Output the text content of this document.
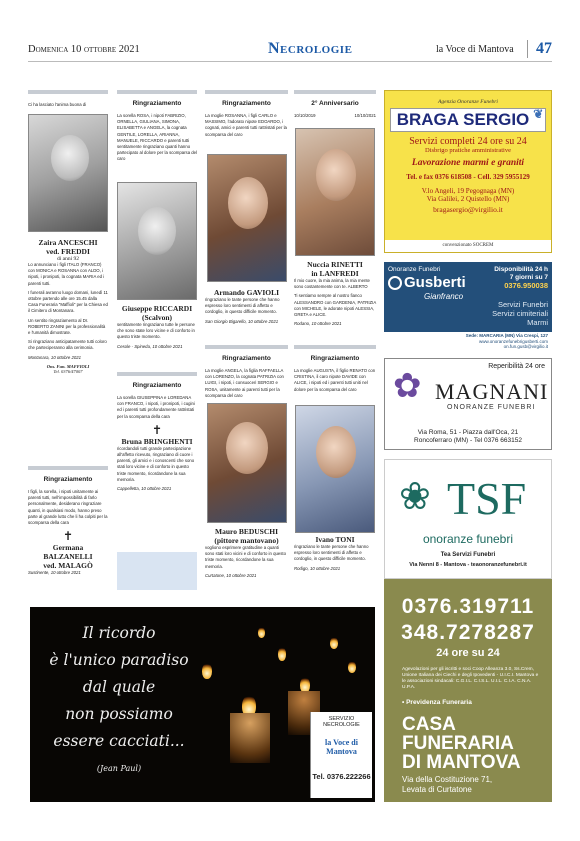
Domenica 10 ottobre 2021	Necrologie	la Voce di Mantova	47

Ci ha lasciato l'anima buona di

Zaira ANCESCHI
ved. FREDDI
di anni 92

Lo annunciano i figli ITALO (FRANCO) con MONICA e ROSANNA con ALDO, i nipoti, i pronipoti, la cognata MARIA ed i parenti tutti.

I funerali avranno luogo domani, lunedì 11 ottobre partendo alle ore 15.45 dalla Casa Funeraria "Maffioli" per la Chiesa ed il Cimitero di Montanara.

Un sentito ringraziamento al Dr. ROBERTO ZANINI per la professionalità e l'umanità dimostrate.

Si ringraziano anticipatamente tutti coloro che parteciperanno alla cerimonia.

Montanara, 10 ottobre 2021

Ons. Fun. MAFFIOLI
Tel. 0376/47007
Ringraziamento

I figli, la sorella, i nipoti unitamente ai parenti tutti, nell'impossibilità di farlo personalmente, desiderano ringraziare quanti, in qualsiasi modo, hanno preso parte al grande lutto che li ha colpiti per la scomparsa della cara

✝
Germana BALZANELLI
ved. MALAGÒ

Sustinente, 10 ottobre 2021

Ringraziamento

La sorella ROSA, i nipoti FABRIZIO, ORNELLA, GIULIANA, SIMONA, ELISABETTA e ANGELA, la cognata GENTILE, LORELLA, ARIANNA, MANUELE, RICCARDO e parenti tutti sentitamente ringraziano quanti hanno partecipato al dolore per la scomparsa del caro

Giuseppe RICCARDI
(Scalvon)

sentitamente ringraziano tutte le persone che sono state loro vicine e di conforto in questo triste momento.

Cesole - Spineda, 10 ottobre 2021

Ringraziamento

La sorella GIUSEPPINA e LOREDANA con FRANCO, i nipoti, i pronipoti, i cugini ed i parenti tutti profondamente rattristati per la scomparsa della cara

✝
Bruna BRINGHENTI

ricordandoli tutti grande partecipazione all'affetto ricevuto, ringraziano di cuore i parenti, gli amici e i conoscenti che sono stati loro vicine e di conforto in questo triste momento, ricordandone la sua memoria.

Cappelletta, 10 ottobre 2021

Ringraziamento

La moglie ROSANNA, i figli CARLO e MASSIMO, l'adorato nipote EDOARDO, i cognati, amici e parenti tutti rattristati per la scomparsa del caro

Armando GAVIOLI

ringraziano le tante persone che hanno espresso loro sentimenti di affetto e cordoglio, in questo difficile momento.

San Giorgio Bigarello, 10 ottobre 2021

Ringraziamento

La moglie ANGELA, la figlia RAFFAELLA con LORENZO, la cognata PATRIZIA con LUIGI, i nipoti, i consuoceri SERGIO e ROSA, unitamente ai parenti tutti per la scomparsa del caro

Mauro BEDUSCHI
(pittore mantovano)

vogliono esprimere gratitudine a quanti sono stati loro vicini e di conforto in questo triste momento, ricordandone la sua memoria.

Curtatone, 10 ottobre 2021

2° Anniversario
10/10/2019	10/10/2021
Nuccia RINETTI
in LANFREDI

Il mio cuore, la mia anima, la mia mente sono costantemente con te. ALBERTO

Ti sentiamo sempre al nostro fianco ALESSANDRO con GARDENIA, PATRIZIA con MICHELE, le adorate nipoti ALESSIA, GRETA e ALICE.

Rodano, 10 ottobre 2021

Ringraziamento

La moglie AUGUSTA, il figlio RENATO con CRISTINA, il caro nipote DAVIDE con ALICE, i nipoti ed i parenti tutti uniti nel dolore per la scomparsa del caro

Ivano TONI

ringraziano le tante persone che hanno espresso loro sentimenti di affetto e cordoglio, in questo difficile momento.

Rodigo, 10 ottobre 2021

Agenzia Onoranze Funebri
BRAGA SERGIO ❦
Servizi completi 24 ore su 24
Disbrigo pratiche amministrative
Lavorazione marmi e graniti
Tel. e fax 0376 618508 - Cell. 329 5955129
V.lo Angeli, 19 Pegognaga (MN)
Via Galilei, 2 Quistello (MN)
bragasergio@virgilio.it
convenzionato SOCREM
Onoranze Funebri
Gusberti
Gianfranco
Disponibilità 24 h
7 giorni su 7
0376.950038
Servizi Funebri
Servizi cimiteriali
Marmi
Sede: MARCARIA (MN) Via Crespi, 127
www.onoranzefunebrigusberti.com
on.fun.gusb@virgilio.it
Reperibilità 24 ore
✿ MAGNANI
ONORANZE FUNEBRI
Via Roma, 51 - Piazza dall'Oca, 21
Roncoferraro (MN) - Tel 0376 663152
❀ TSF
onoranze funebri
Tea Servizi Funebri
Via Nenni 8 - Mantova - teaonoranzefunebri.it
0376.319711
348.7278287
24 ore su 24
Agevolazioni per gli iscritti e soci Coop Alleanza 3.0, Ss.Crem, Unione Italiana dei Ciechi e degli Ipovedenti - U.I.C.I. Mantova e le associazioni sindacali: C.G.I.L. C.I.S.L. U.I.L. C.I.A. C.N.A. U.P.A.
• Previdenza Funeraria
CASA
FUNERARIA
DI MANTOVA
Via della Costituzione 71,
Levata di Curtatone
Il ricordo
è l'unico paradiso
dal quale
non possiamo
essere cacciati...
(Jean Paul)
SERVIZIO
NECROLOGIE
la Voce di Mantova
Tel. 0376.222266
